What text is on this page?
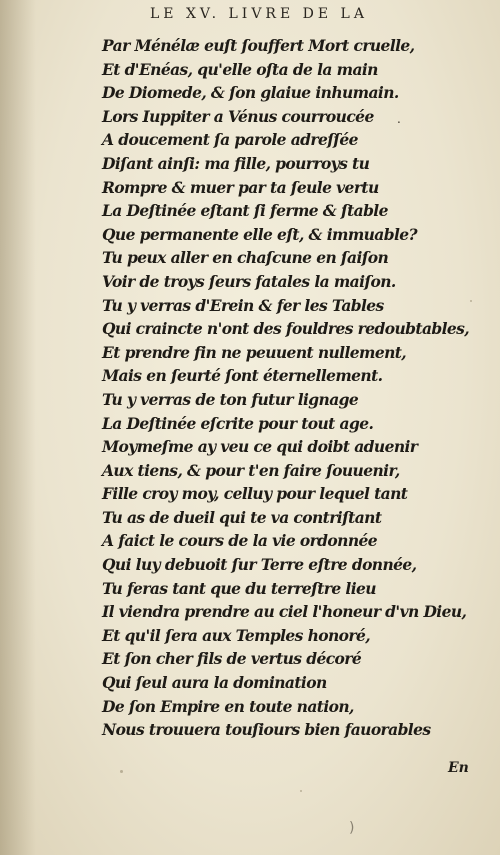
LE XV. LIVRE DE LA
Par Ménélæ euſt ſouffert Mort cruelle,
Et d'Enéas, qu'elle oſta de la main
De Diomede, & ſon glaiue inhumain.
Lors Iuppiter a Vénus courroucée
A doucement ſa parole adreſſée
Diſant ainſi: ma fille, pourroys tu
Rompre & muer par ta ſeule vertu
La Deſtinée eſtant ſi ferme & ſtable
Que permanente elle eſt, & immuable?
Tu peux aller en chaſcune en ſaiſon
Voir de troys ſeurs fatales la maiſon.
Tu y verras d'Erein & fer les Tables
Qui craincte n'ont des fouldres redoubtables,
Et prendre fin ne peuuent nullement,
Mais en ſeurté ſont éternellement.
Tu y verras de ton futur lignage
La Deſtinée eſcrite pour tout age.
Moymeſme ay veu ce qui doibt aduenir
Aux tiens, & pour t'en faire ſouuenir,
Fille croy moy, celluy pour lequel tant
Tu as de dueil qui te va contriſtant
A faict le cours de la vie ordonnée
Qui luy debuoit ſur Terre eſtre donnée,
Tu feras tant que du terreſtre lieu
Il viendra prendre au ciel l'honeur d'vn Dieu,
Et qu'il ſera aux Temples honoré,
Et ſon cher fils de vertus décoré
Qui ſeul aura la domination
De ſon Empire en toute nation,
Nous trouuera touſiours bien fauorables
En
.
)
